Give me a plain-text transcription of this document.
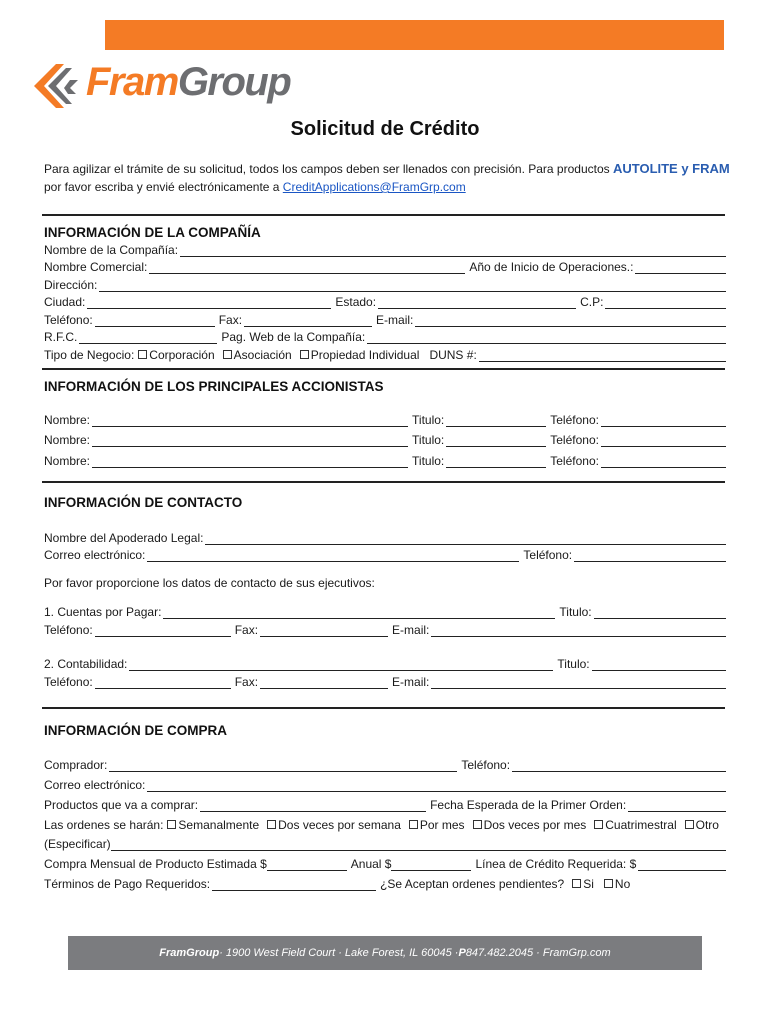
FramGroup
Solicitud de Crédito
Para agilizar el trámite de su solicitud, todos los campos deben ser llenados con precisión. Para productos AUTOLITE y FRAM
por favor escriba y envié electrónicamente a CreditApplications@FramGrp.com
INFORMACIÓN DE LA COMPAÑÍA
Nombre de la Compañía:
Nombre Comercial:	Año de Inicio de Operaciones.:
Dirección:
Ciudad:	Estado:	C.P:
Teléfono:	Fax:	E-mail:
R.F.C.	Pag. Web de la Compañía:
Tipo de Negocio:	Corporación	Asociación	Propiedad Individual DUNS #:
INFORMACIÓN DE LOS PRINCIPALES ACCIONISTAS
Nombre:	Titulo:	Teléfono:
Nombre:	Titulo:	Teléfono:
Nombre:	Titulo:	Teléfono:
INFORMACIÓN DE CONTACTO
Nombre del Apoderado Legal:
Correo electrónico:	Teléfono:
Por favor proporcione los datos de contacto de sus ejecutivos:
1. Cuentas por Pagar:	Titulo:
Teléfono:	Fax:	E-mail:
2. Contabilidad:	Titulo:
Teléfono:	Fax:	E-mail:
INFORMACIÓN DE COMPRA
Comprador:	Teléfono:
Correo electrónico:
Productos que va a comprar:	Fecha Esperada de la Primer Orden:
Las ordenes se harán:	Semanalmente	Dos veces por semana	Por mes	Dos veces por mes	Cuatrimestral	Otro
(Especificar)
Compra Mensual de Producto Estimada $	Anual $	Línea de Crédito Requerida: $
Términos de Pago Requeridos:	¿Se Aceptan ordenes pendientes?	Si	No
FramGroup · 1900 West Field Court · Lake Forest, IL 60045 · P 847.482.2045 · FramGrp.com
